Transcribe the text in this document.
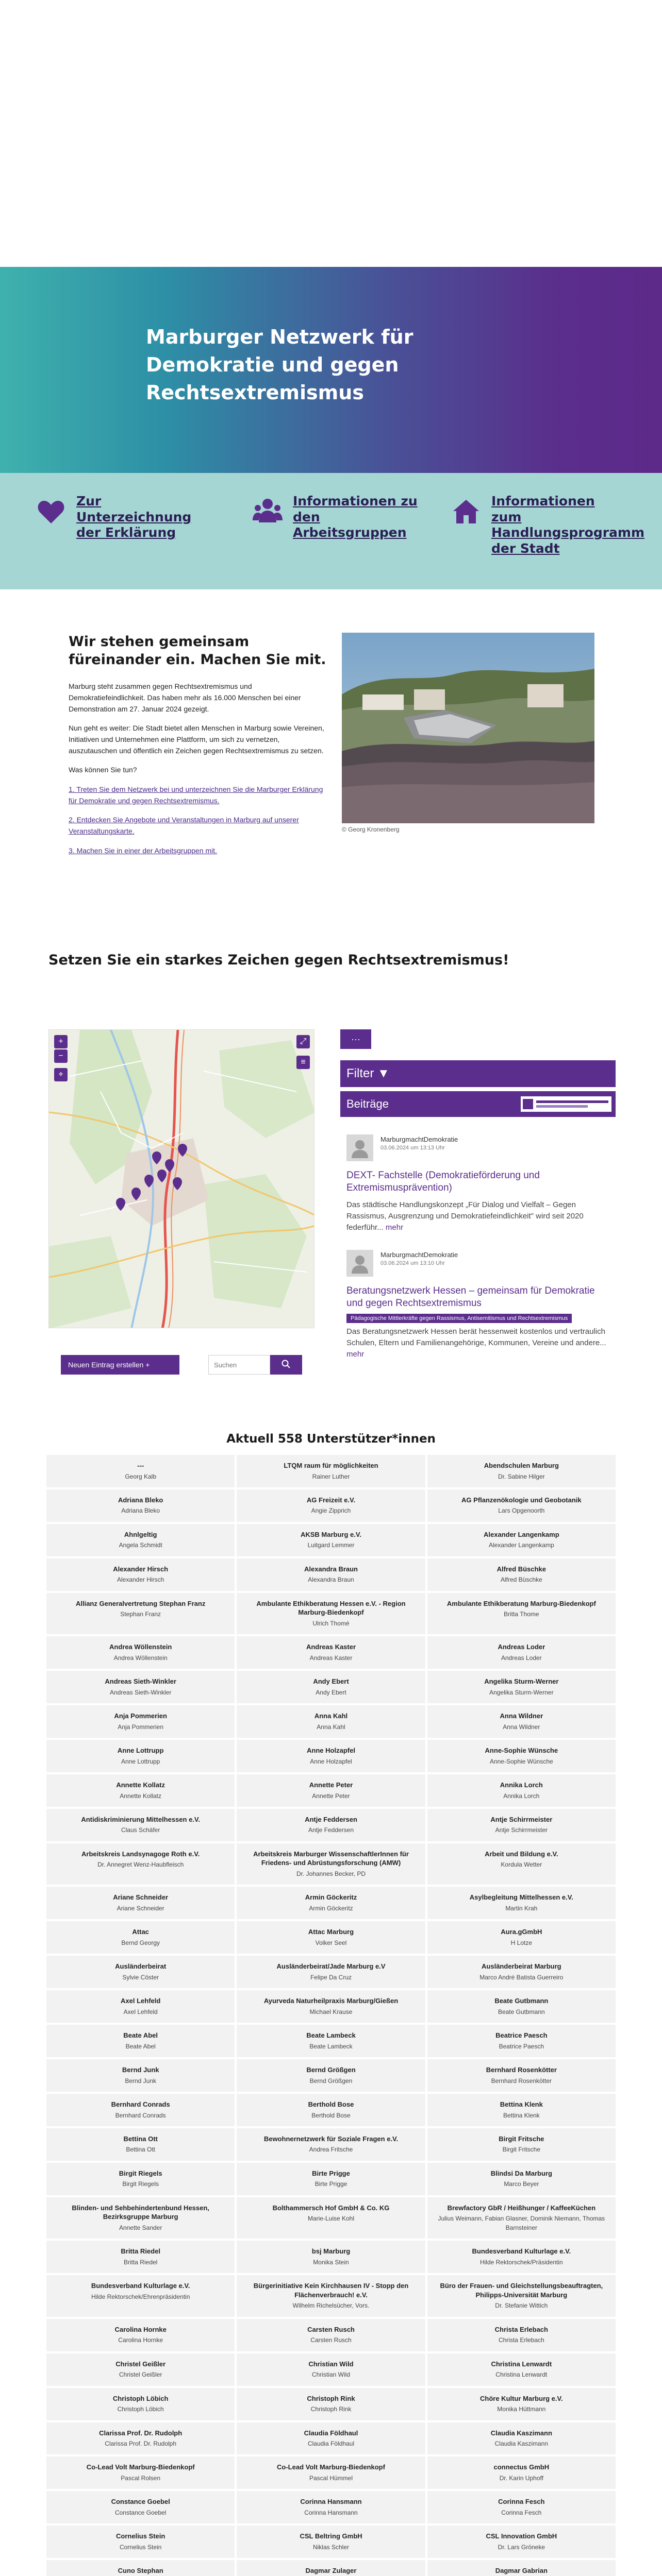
Marburger Netzwerk für Demokratie und gegen Rechtsextremismus
Zur Unterzeichnung der Erklärung
Informationen zu den Arbeitsgruppen
Informationen zum Handlungsprogramm der Stadt
Wir stehen gemeinsam füreinander ein. Machen Sie mit.

Marburg steht zusammen gegen Rechtsextremismus und Demokratiefeindlichkeit. Das haben mehr als 16.000 Menschen bei einer Demonstration am 27. Januar 2024 gezeigt.

Nun geht es weiter: Die Stadt bietet allen Menschen in Marburg sowie Vereinen, Initiativen und Unternehmen eine Plattform, um sich zu vernetzen, auszutauschen und öffentlich ein Zeichen gegen Rechtsextremismus zu setzen.

Was können Sie tun?

1. Treten Sie dem Netzwerk bei und unterzeichnen Sie die Marburger Erklärung für Demokratie und gegen Rechtsextremismus.
2. Entdecken Sie Angebote und Veranstaltungen in Marburg auf unserer Veranstaltungskarte.
3. Machen Sie in einer der Arbeitsgruppen mit.
© Georg Kronenberg
Setzen Sie ein starkes Zeichen gegen Rechtsextremismus!
+
−
⌖
⤢
≡
Neuen Eintrag erstellen +
Suchen
···
Filter ▼
Beiträge
MarburgmachtDemokratie
03.06.2024 um 13:13 Uhr
DEXT- Fachstelle (Demokratieförderung und Extremismusprävention)
Das städtische Handlungskonzept „Für Dialog und Vielfalt – Gegen Rassismus, Ausgrenzung und Demokratiefeindlichkeit" wird seit 2020 federführ... mehr
MarburgmachtDemokratie
03.06.2024 um 13:10 Uhr
Beratungsnetzwerk Hessen – gemeinsam für Demokratie und gegen Rechtsextremismus
Pädagogische Mittlerkräfte gegen Rassismus, Antisemitismus und Rechtsextremismus
Das Beratungsnetzwerk Hessen berät hessenweit kostenlos und vertraulich Schulen, Eltern und Familienangehörige, Kommunen, Vereine und andere... mehr
Aktuell 558 Unterstützer*innen
---
Georg Kalb
LTQM raum für möglichkeiten
Rainer Luther
Abendschulen Marburg
Dr. Sabine Hilger
Adriana Bleko
Adriana Bleko
AG Freizeit e.V.
Angie Zipprich
AG Pflanzenökologie und Geobotanik
Lars Opgenoorth
Ahnlgeltig
Angela Schmidt
AKSB Marburg e.V.
Luitgard Lemmer
Alexander Langenkamp
Alexander Langenkamp
Alexander Hirsch
Alexander Hirsch
Alexandra Braun
Alexandra Braun
Alfred Büschke
Alfred Büschke
Allianz Generalvertretung Stephan Franz
Stephan Franz
Ambulante Ethikberatung Hessen e.V. - Region Marburg-Biedenkopf
Ulrich Thomé
Ambulante Ethikberatung Marburg-Biedenkopf
Britta Thome
Andrea Wöllenstein
Andrea Wöllenstein
Andreas Kaster
Andreas Kaster
Andreas Loder
Andreas Loder
Andreas Sieth-Winkler
Andreas Sieth-Winkler
Andy Ebert
Andy Ebert
Angelika Sturm-Werner
Angelika Sturm-Werner
Anja Pommerien
Anja Pommerien
Anna Kahl
Anna Kahl
Anna Wildner
Anna Wildner
Anne Lottrupp
Anne Lottrupp
Anne Holzapfel
Anne Holzapfel
Anne-Sophie Wünsche
Anne-Sophie Wünsche
Annette Kollatz
Annette Kollatz
Annette Peter
Annette Peter
Annika Lorch
Annika Lorch
Antidiskriminierung Mittelhessen e.V.
Claus Schäfer
Antje Feddersen
Antje Feddersen
Antje Schirrmeister
Antje Schirrmeister
Arbeitskreis Landsynagoge Roth e.V.
Dr. Annegret Wenz-Haubfleisch
Arbeitskreis Marburger WissenschaftlerInnen für Friedens- und Abrüstungsforschung (AMW)
Dr. Johannes Becker, PD
Arbeit und Bildung e.V.
Kordula Wetter
Ariane Schneider
Ariane Schneider
Armin Göckeritz
Armin Göckeritz
Asylbegleitung Mittelhessen e.V.
Martin Krah
Attac
Bernd Georgy
Attac Marburg
Volker Seel
Aura.gGmbH
H Lotze
Ausländerbeirat
Sylvie Cöster
Ausländerbeirat/Jade Marburg e.V
Felipe Da Cruz
Ausländerbeirat Marburg
Marco André Batista Guerreiro
Axel Lehfeld
Axel Lehfeld
Ayurveda Naturheilpraxis Marburg/Gießen
Michael Krause
Beate Gutbmann
Beate Gutbmann
Beate Abel
Beate Abel
Beate Lambeck
Beate Lambeck
Beatrice Paesch
Beatrice Paesch
Bernd Junk
Bernd Junk
Bernd Größgen
Bernd Größgen
Bernhard Rosenkötter
Bernhard Rosenkötter
Bernhard Conrads
Bernhard Conrads
Berthold Bose
Berthold Bose
Bettina Klenk
Bettina Klenk
Bettina Ott
Bettina Ott
Bewohnernetzwerk für Soziale Fragen e.V.
Andrea Fritsche
Birgit Fritsche
Birgit Fritsche
Birgit Riegels
Birgit Riegels
Birte Prigge
Birte Prigge
Blindsi Da Marburg
Marco Beyer
Blinden- und Sehbehindertenbund Hessen, Bezirksgruppe Marburg
Annette Sander
Bolthammersch Hof GmbH & Co. KG
Marie-Luise Kohl
Brewfactory GbR / Heißhunger / KaffeeKüchen
Julius Weimann, Fabian Glasner, Dominik Niemann, Thomas Barnsteiner
Britta Riedel
Britta Riedel
bsj Marburg
Monika Stein
Bundesverband Kulturlage e.V.
Hilde Rektorschek/Präsidentin
Bundesverband Kulturlage e.V.
Hilde Rektorschek/Ehrenpräsidentin
Bürgerinitiative Kein Kirchhausen IV - Stopp den Flächenverbrauch! e.V.
Wilhelm Richelsücher, Vors.
Büro der Frauen- und Gleichstellungsbeauftragten, Philipps-Universität Marburg
Dr. Stefanie Wittich
Carolina Hornke
Carolina Hornke
Carsten Rusch
Carsten Rusch
Christa Erlebach
Christa Erlebach
Christel Geißler
Christel Geißler
Christian Wild
Christian Wild
Christina Lenwardt
Christina Lenwardt
Christoph Löbich
Christoph Löbich
Christoph Rink
Christoph Rink
Chöre Kultur Marburg e.V.
Monika Hüttmann
Clarissa Prof. Dr. Rudolph
Clarissa Prof. Dr. Rudolph
Claudia Földhaul
Claudia Földhaul
Claudia Kaszimann
Claudia Kaszimann
Co-Lead Volt Marburg-Biedenkopf
Pascal Rolsen
Co-Lead Volt Marburg-Biedenkopf
Pascal Hümmel
connectus GmbH
Dr. Karin Uphoff
Constance Goebel
Constance Goebel
Corinna Hansmann
Corinna Hansmann
Corinna Fesch
Corinna Fesch
Cornelius Stein
Cornelius Stein
CSL Beltring GmbH
Niklas Schler
CSL Innovation GmbH
Dr. Lars Gröneke
Cuno Stephan	Dagmar Zulager	Dagmar Gabrian
